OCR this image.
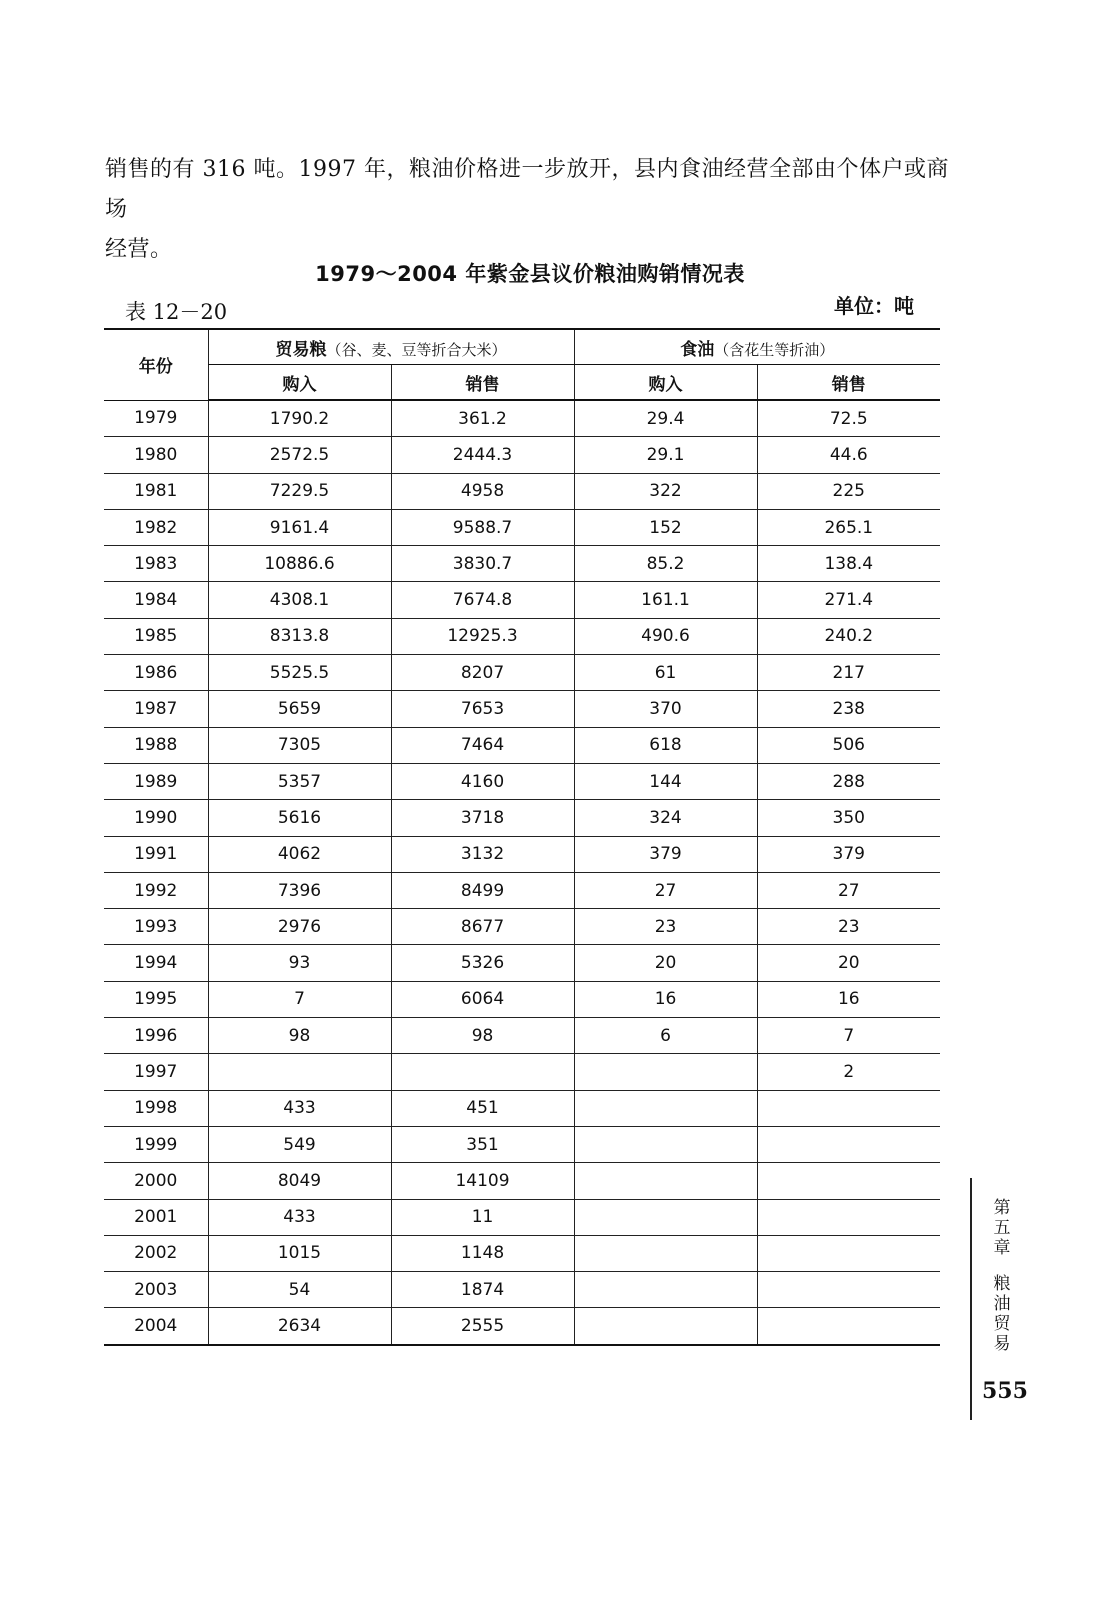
销售的有 316 吨。1997 年，粮油价格进一步放开，县内食油经营全部由个体户或商场

经营。

1979～2004 年紫金县议价粮油购销情况表
表 12－20	单位：吨
年份	贸易粮（谷、麦、豆等折合大米）		食油（含花生等折油）	
	购入	销售	购入	销售
1979	1790.2	361.2	29.4	72.5
1980	2572.5	2444.3	29.1	44.6
1981	7229.5	4958	322	225
1982	9161.4	9588.7	152	265.1
1983	10886.6	3830.7	85.2	138.4
1984	4308.1	7674.8	161.1	271.4
1985	8313.8	12925.3	490.6	240.2
1986	5525.5	8207	61	217
1987	5659	7653	370	238
1988	7305	7464	618	506
1989	5357	4160	144	288
1990	5616	3718	324	350
1991	4062	3132	379	379
1992	7396	8499	27	27
1993	2976	8677	23	23
1994	93	5326	20	20
1995	7	6064	16	16
1996	98	98	6	7
1997				2
1998	433	451		
1999	549	351		
2000	8049	14109		
2001	433	11		
2002	1015	1148		
2003	54	1874		
2004	2634	2555		
第
五
章
粮
油
贸
易
555
